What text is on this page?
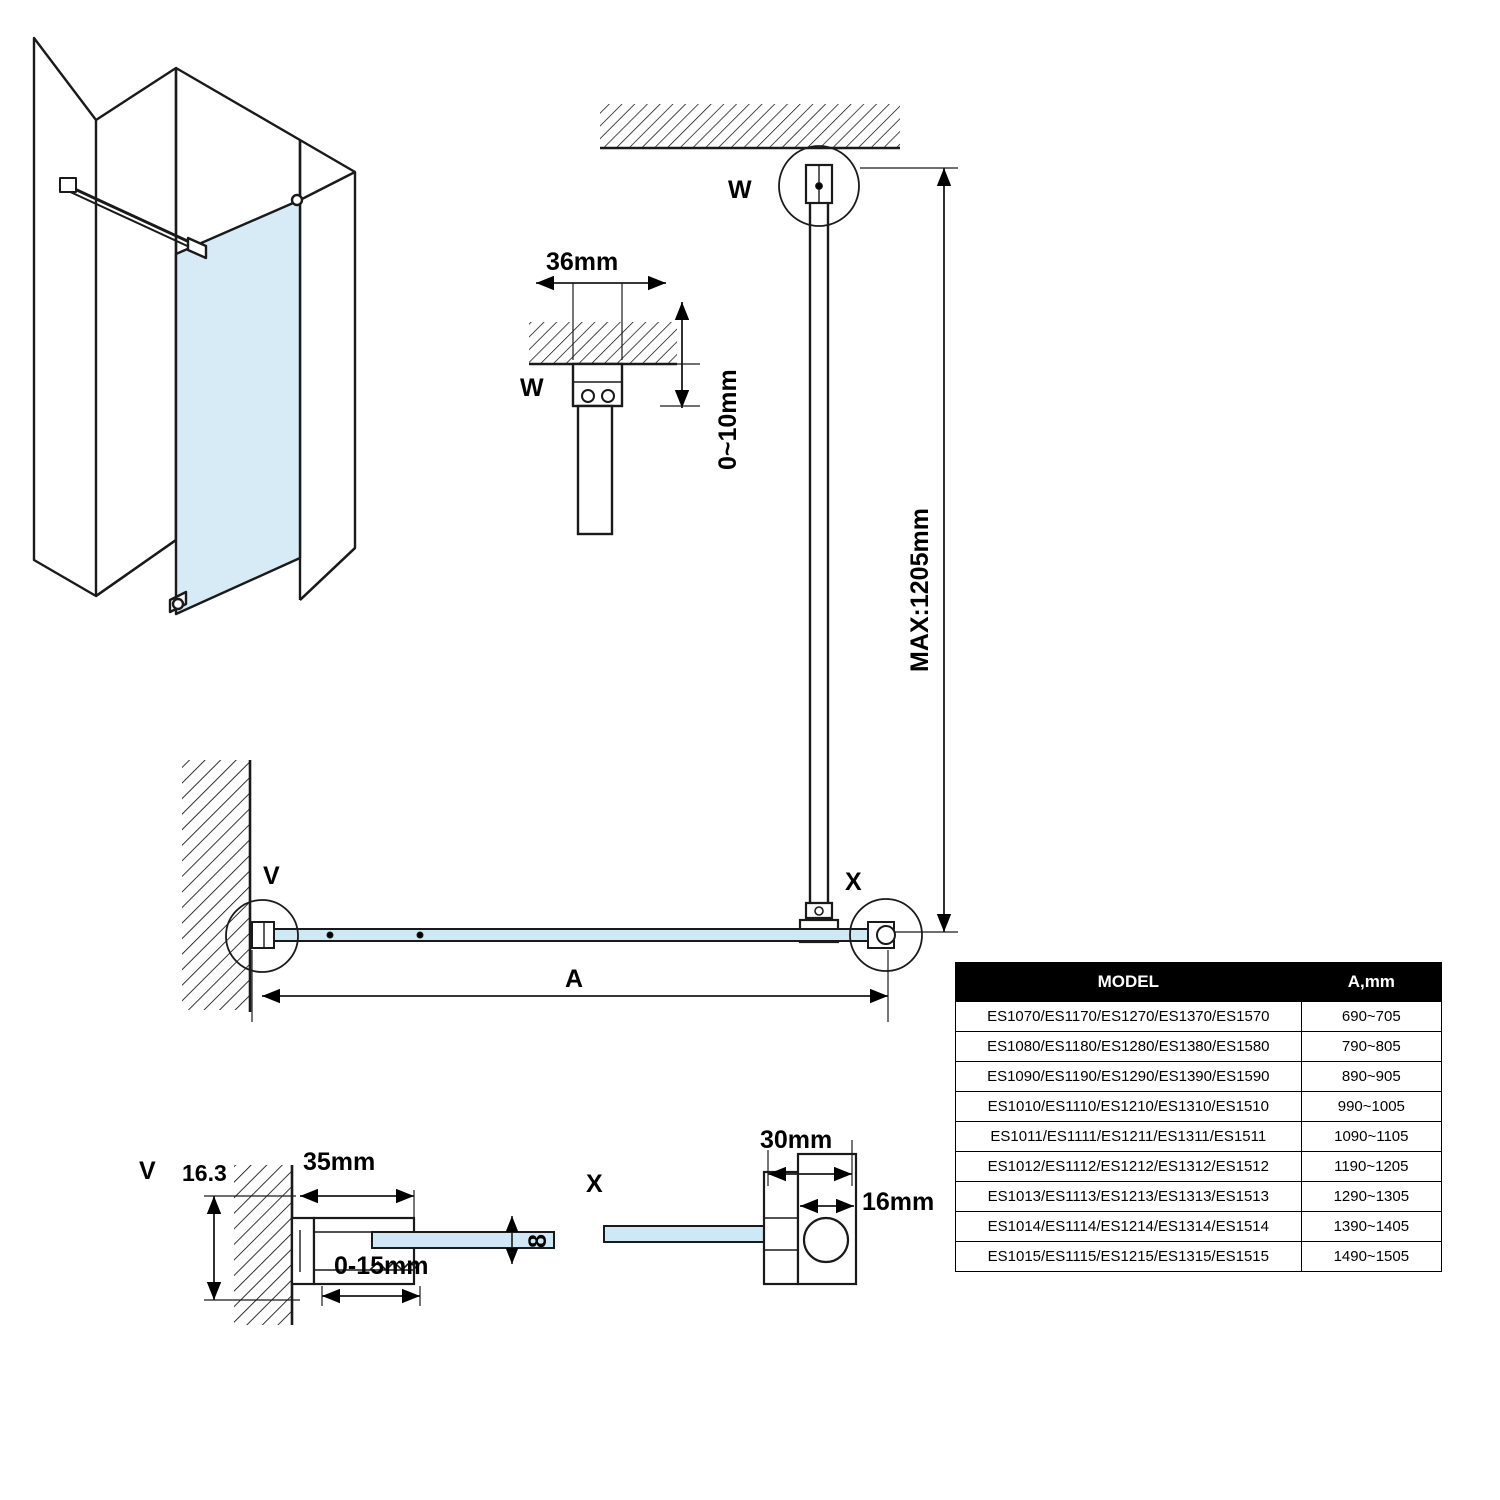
W
W
V	X
V	X
A
36mm
0~10mm
MAX:1205mm
16.3	35mm
8
0-15mm
30mm
16mm
MODEL	A,mm
ES1070/ES1170/ES1270/ES1370/ES1570	690~705
ES1080/ES1180/ES1280/ES1380/ES1580	790~805
ES1090/ES1190/ES1290/ES1390/ES1590	890~905
ES1010/ES1110/ES1210/ES1310/ES1510	990~1005
ES1011/ES1111/ES1211/ES1311/ES1511	1090~1105
ES1012/ES1112/ES1212/ES1312/ES1512	1190~1205
ES1013/ES1113/ES1213/ES1313/ES1513	1290~1305
ES1014/ES1114/ES1214/ES1314/ES1514	1390~1405
ES1015/ES1115/ES1215/ES1315/ES1515	1490~1505
